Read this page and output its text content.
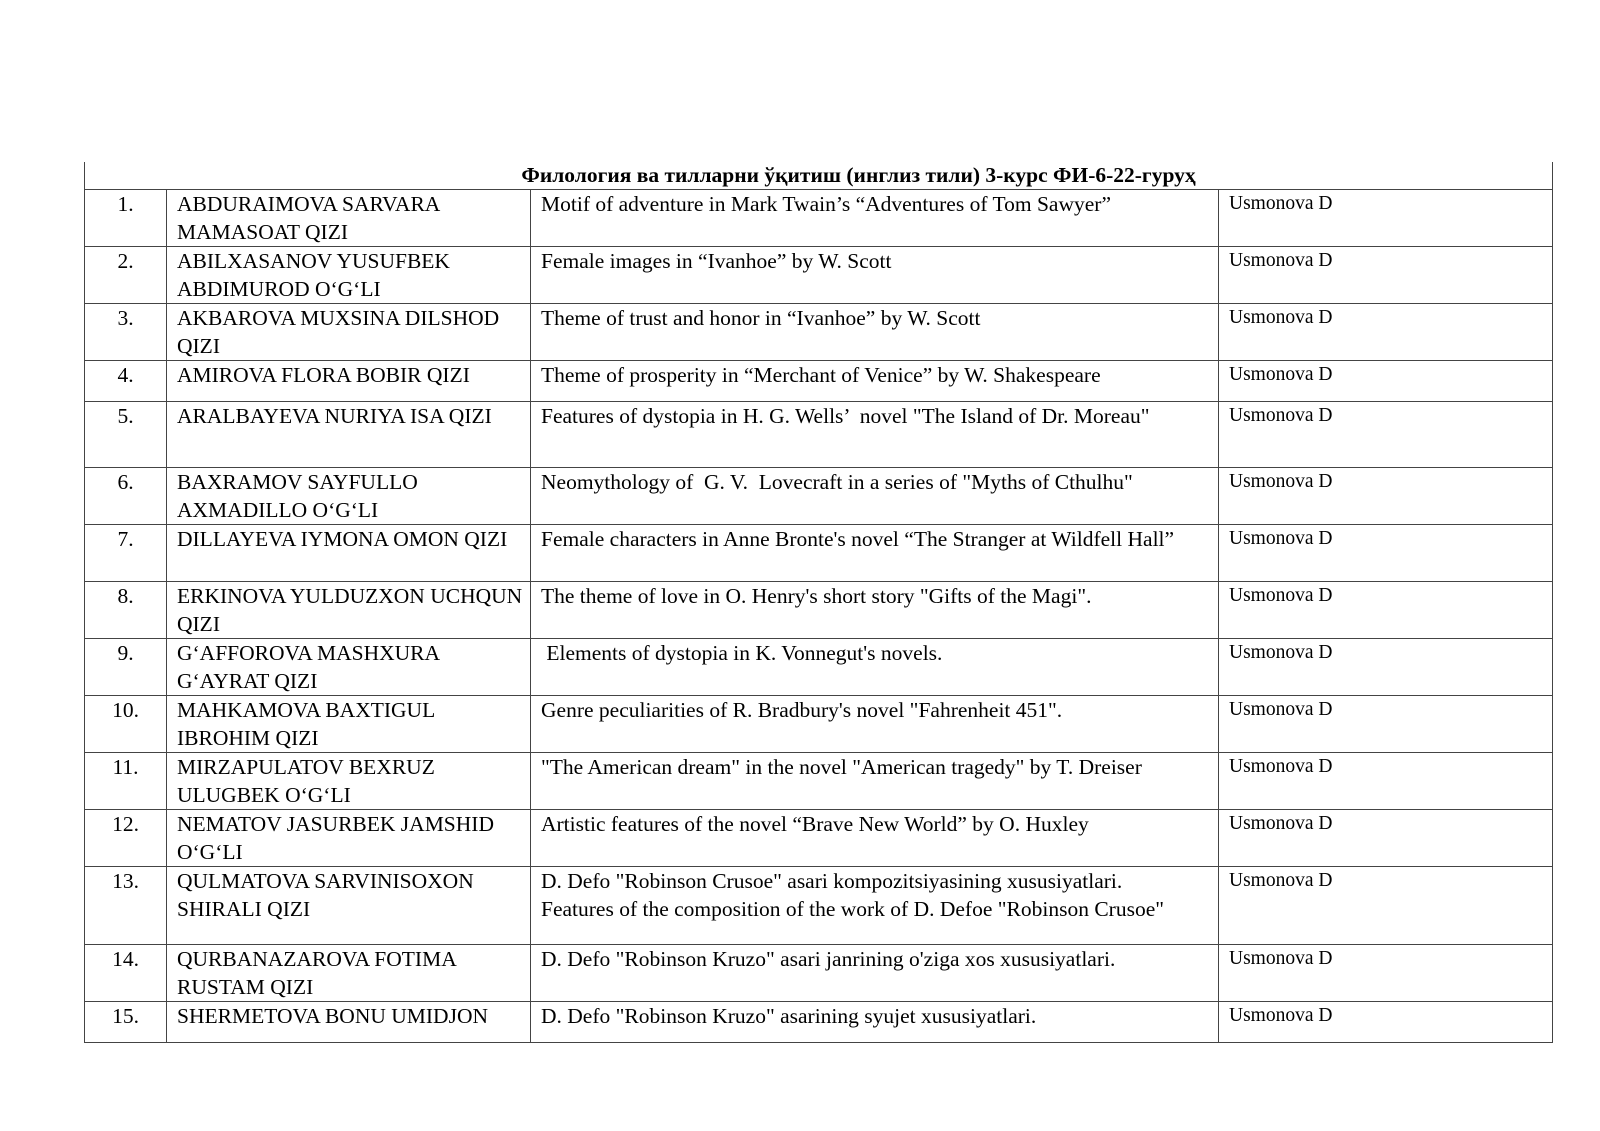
Филология ва тилларни ўқитиш (инглиз тили) 3-курс ФИ-6-22-гуруҳ			
1.	ABDURAIMOVA SARVARA MAMASOAT QIZI	Motif of adventure in Mark Twain’s “Adventures of Tom Sawyer”	Usmonova D
2.	ABILXASANOV YUSUFBEK ABDIMUROD O‘G‘LI	Female images in “Ivanhoe” by W. Scott	Usmonova D
3.	AKBAROVA MUXSINA DILSHOD QIZI	Theme of trust and honor in “Ivanhoe” by W. Scott	Usmonova D
4.	AMIROVA FLORA BOBIR QIZI	Theme of prosperity in “Merchant of Venice” by W. Shakespeare	Usmonova D
5.	ARALBAYEVA NURIYA ISA QIZI	Features of dystopia in H. G. Wells’  novel "The Island of Dr. Moreau"	Usmonova D
6.	BAXRAMOV SAYFULLO AXMADILLO O‘G‘LI	Neomythology of  G. V.  Lovecraft in a series of "Myths of Cthulhu"	Usmonova D
7.	DILLAYEVA IYMONA OMON QIZI	Female characters in Anne Bronte's novel “The Stranger at Wildfell Hall”	Usmonova D
8.	ERKINOVA YULDUZXON UCHQUN QIZI	The theme of love in O. Henry's short story "Gifts of the Magi".	Usmonova D
9.	G‘AFFOROVA MASHXURA G‘AYRAT QIZI	Elements of dystopia in K. Vonnegut's novels.	Usmonova D
10.	MAHKAMOVA BAXTIGUL IBROHIM QIZI	Genre peculiarities of R. Bradbury's novel "Fahrenheit 451".	Usmonova D
11.	MIRZAPULATOV BEXRUZ ULUGBEK O‘G‘LI	"The American dream" in the novel "American tragedy" by T. Dreiser	Usmonova D
12.	NEMATOV JASURBEK JAMSHID O‘G‘LI	Artistic features of the novel “Brave New World” by O. Huxley	Usmonova D
13.	QULMATOVA SARVINISOXON SHIRALI QIZI	D. Defo "Robinson Crusoe" asari kompozitsiyasining xususiyatlari.
Features of the composition of the work of D. Defoe "Robinson Crusoe"	Usmonova D
14.	QURBANAZAROVA FOTIMA RUSTAM QIZI	D. Defo "Robinson Kruzo" asari janrining o'ziga xos xususiyatlari.	Usmonova D
15.	SHERMETOVA BONU UMIDJON	D. Defo "Robinson Kruzo" asarining syujet xususiyatlari.	Usmonova D
